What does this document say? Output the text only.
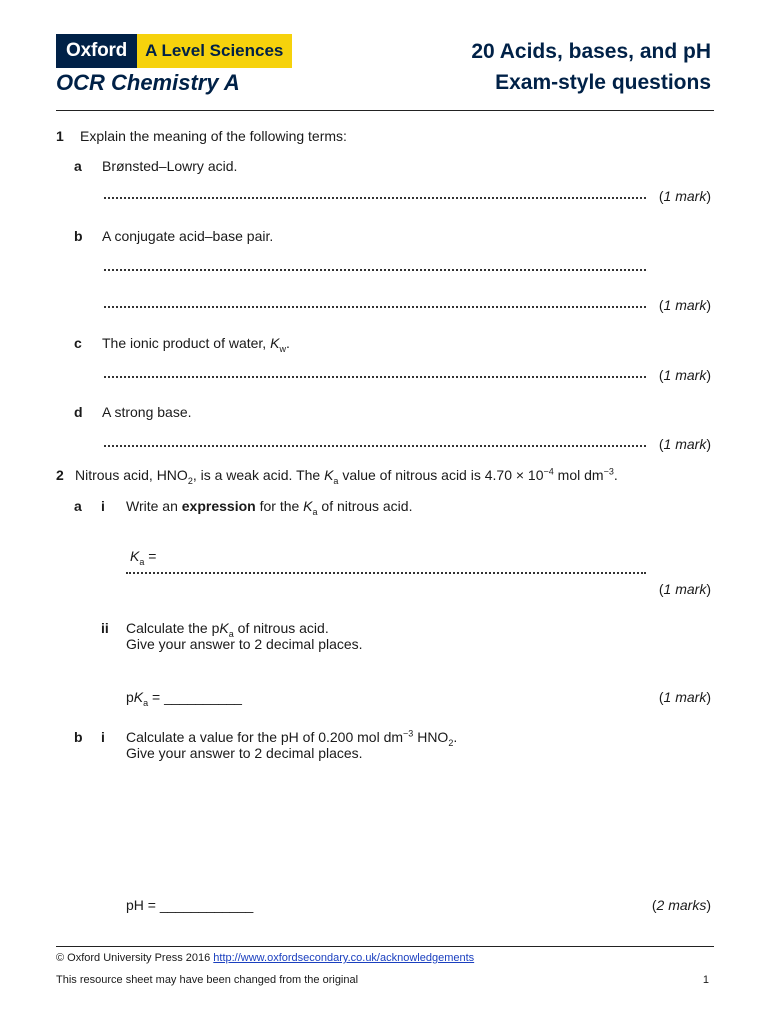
Oxford	A Level Sciences
OCR Chemistry A
20 Acids, bases, and pH
Exam-style questions
1 Explain the meaning of the following terms:
a Brønsted–Lowry acid.
(1 mark)
b A conjugate acid–base pair.
(1 mark)
c The ionic product of water, $K_w$.
(1 mark)
d A strong base.
(1 mark)
2 Nitrous acid, $HNO_2$, is a weak acid. The $K_a$ value of nitrous acid is $4.70 \times 10^{-4}$ mol $dm^{-3}$.
a i Write an expression for the $K_a$ of nitrous acid.
$K_a$ =
(1 mark)
ii Calculate the $pK_a$ of nitrous acid.
Give your answer to 2 decimal places.
$pK_a$ = __________	(1 mark)
b i Calculate a value for the pH of 0.200 mol $dm^{-3}$ $HNO_2$.
Give your answer to 2 decimal places.
pH = ____________	(2 marks)
© Oxford University Press 2016 http://www.oxfordsecondary.co.uk/acknowledgements
This resource sheet may have been changed from the original	1
